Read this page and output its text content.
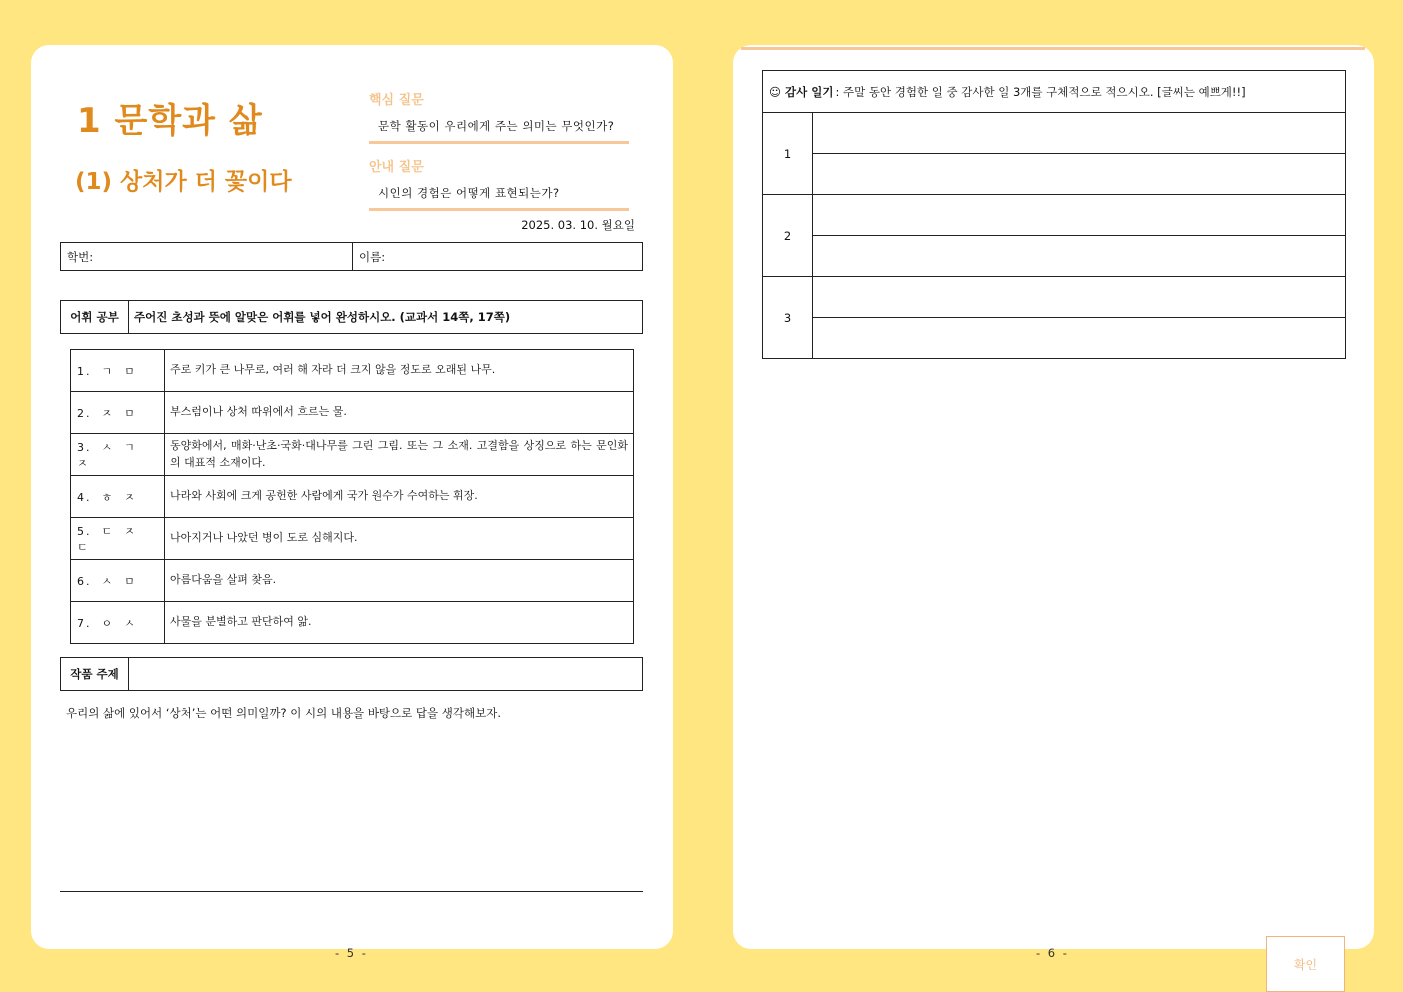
1 문학과 삶
(1) 상처가 더 꽃이다
핵심 질문
문학 활동이 우리에게 주는 의미는 무엇인가?
안내 질문
시인의 경험은 어떻게 표현되는가?
2025. 03. 10. 월요일
학번:	이름:
어휘 공부	주어진 초성과 뜻에 알맞은 어휘를 넣어 완성하시오. (교과서 14쪽, 17쪽)
1. ㄱ ㅁ	주로 키가 큰 나무로, 여러 해 자라 더 크지 않을 정도로 오래된 나무.
2. ㅈ ㅁ	부스럼이나 상처 따위에서 흐르는 물.
3. ㅅ ㄱㅈ	동양화에서, 매화·난초·국화·대나무를 그린 그림. 또는 그 소재. 고결함을 상징으로 하는 문인화의 대표적 소재이다.
4. ㅎ ㅈ	나라와 사회에 크게 공헌한 사람에게 국가 원수가 수여하는 휘장.
5. ㄷ ㅈㄷ	나아지거나 나았던 병이 도로 심해지다.
6. ㅅ ㅁ	아름다움을 살펴 찾음.
7. ㅇ ㅅ	사물을 분별하고 판단하여 앎.
작품 주제
우리의 삶에 있어서 ‘상처’는 어떤 의미일까? 이 시의 내용을 바탕으로 답을 생각해보자.
- 5 -
☺ 감사 일기 : 주말 동안 경험한 일 중 감사한 일 3개를 구체적으로 적으시오. [글씨는 예쁘게!!]
1	

2	

3	

- 6 -
확인
